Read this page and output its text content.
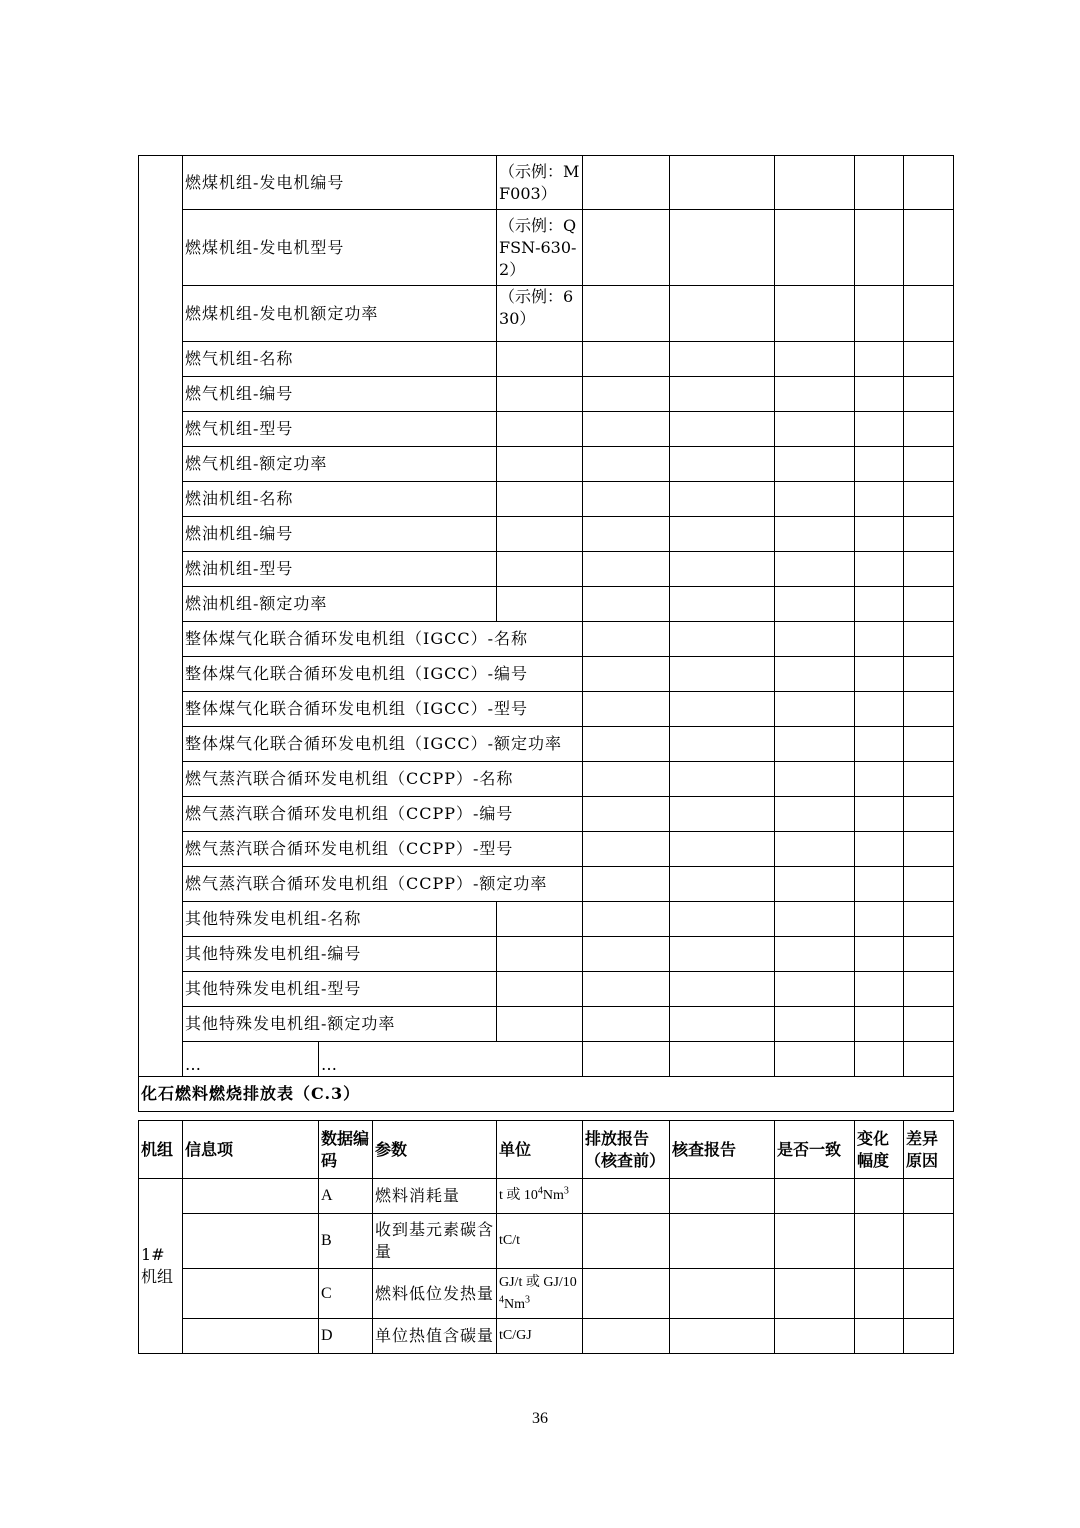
	燃煤机组-发电机编号		（示例：MF003）						
	燃煤机组-发电机型号		（示例：QFSN-630-2）						
	燃煤机组-发电机额定功率		（示例：630）						
	燃气机组-名称								
	燃气机组-编号								
	燃气机组-型号								
	燃气机组-额定功率								
	燃油机组-名称								
	燃油机组-编号								
	燃油机组-型号								
	燃油机组-额定功率								
	整体煤气化联合循环发电机组（IGCC）-名称								
	整体煤气化联合循环发电机组（IGCC）-编号								
	整体煤气化联合循环发电机组（IGCC）-型号								
	整体煤气化联合循环发电机组（IGCC）-额定功率								
	燃气蒸汽联合循环发电机组（CCPP）-名称								
	燃气蒸汽联合循环发电机组（CCPP）-编号								
	燃气蒸汽联合循环发电机组（CCPP）-型号								
	燃气蒸汽联合循环发电机组（CCPP）-额定功率								
	其他特殊发电机组-名称								
	其他特殊发电机组-编号								
	其他特殊发电机组-型号								
	其他特殊发电机组-额定功率								
	…	…							
化石燃料燃烧排放表（C.3）									
机组	信息项	数据编码	参数	单位	排放报告（核查前）	核查报告	是否一致	变化幅度	差异原因
1#机组		A	燃料消耗量	t 或 $10^4Nm^3$					
		B	收到基元素碳含量	tC/t					
		C	燃料低位发热量	GJ/t 或 $GJ/10^4Nm^3$					
		D	单位热值含碳量	tC/GJ					
36
